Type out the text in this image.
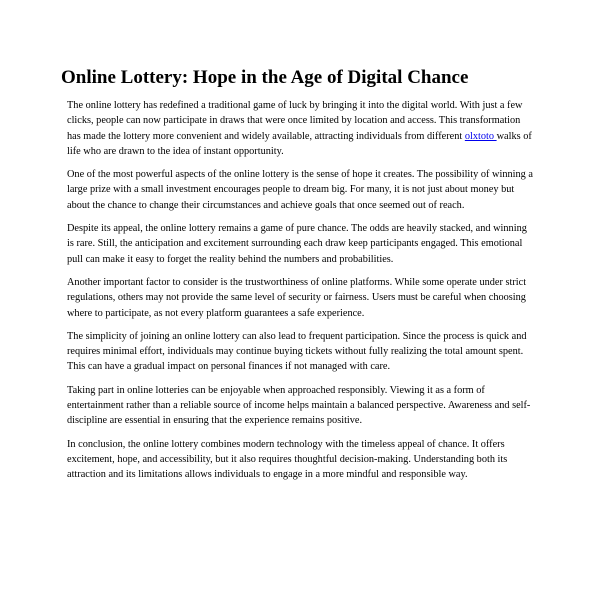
Online Lottery: Hope in the Age of Digital Chance

The online lottery has redefined a traditional game of luck by bringing it into the digital world. With just a few clicks, people can now participate in draws that were once limited by location and access. This transformation has made the lottery more convenient and widely available, attracting individuals from different olxtoto walks of life who are drawn to the idea of instant opportunity.

One of the most powerful aspects of the online lottery is the sense of hope it creates. The possibility of winning a large prize with a small investment encourages people to dream big. For many, it is not just about money but about the chance to change their circumstances and achieve goals that once seemed out of reach.

Despite its appeal, the online lottery remains a game of pure chance. The odds are heavily stacked, and winning is rare. Still, the anticipation and excitement surrounding each draw keep participants engaged. This emotional pull can make it easy to forget the reality behind the numbers and probabilities.

Another important factor to consider is the trustworthiness of online platforms. While some operate under strict regulations, others may not provide the same level of security or fairness. Users must be careful when choosing where to participate, as not every platform guarantees a safe experience.

The simplicity of joining an online lottery can also lead to frequent participation. Since the process is quick and requires minimal effort, individuals may continue buying tickets without fully realizing the total amount spent. This can have a gradual impact on personal finances if not managed with care.

Taking part in online lotteries can be enjoyable when approached responsibly. Viewing it as a form of entertainment rather than a reliable source of income helps maintain a balanced perspective. Awareness and self-discipline are essential in ensuring that the experience remains positive.

In conclusion, the online lottery combines modern technology with the timeless appeal of chance. It offers excitement, hope, and accessibility, but it also requires thoughtful decision-making. Understanding both its attraction and its limitations allows individuals to engage in a more mindful and responsible way.
